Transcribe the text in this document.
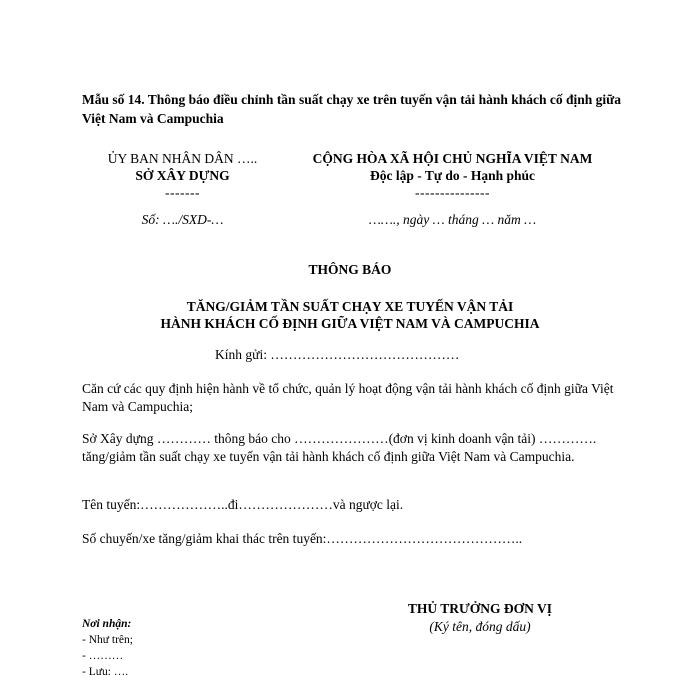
Mẫu số 14. Thông báo điều chỉnh tần suất chạy xe trên tuyến vận tải hành khách cố định giữa Việt Nam và Campuchia
ỦY BAN NHÂN DÂN …..
SỞ XÂY DỰNG
-------
Số: …./SXD-…
CỘNG HÒA XÃ HỘI CHỦ NGHĨA VIỆT NAM
Độc lập - Tự do - Hạnh phúc
---------------
……., ngày … tháng … năm …
THÔNG BÁO
TĂNG/GIẢM TẦN SUẤT CHẠY XE TUYẾN VẬN TẢI
HÀNH KHÁCH CỐ ĐỊNH GIỮA VIỆT NAM VÀ CAMPUCHIA
Kính gửi: ……………………………………
Căn cứ các quy định hiện hành về tổ chức, quản lý hoạt động vận tải hành khách cố định giữa Việt Nam và Campuchia;
Sở Xây dựng ………… thông báo cho …………………(đơn vị kinh doanh vận tải) …………. tăng/giảm tần suất chạy xe tuyến vận tải hành khách cố định giữa Việt Nam và Campuchia.
Tên tuyến:………………..đi…………………và ngược lại.
Số chuyến/xe tăng/giảm khai thác trên tuyến:……………………………………..
THỦ TRƯỞNG ĐƠN VỊ
(Ký tên, đóng dấu)
Nơi nhận:
- Như trên;
- ………
- Lưu: ….
